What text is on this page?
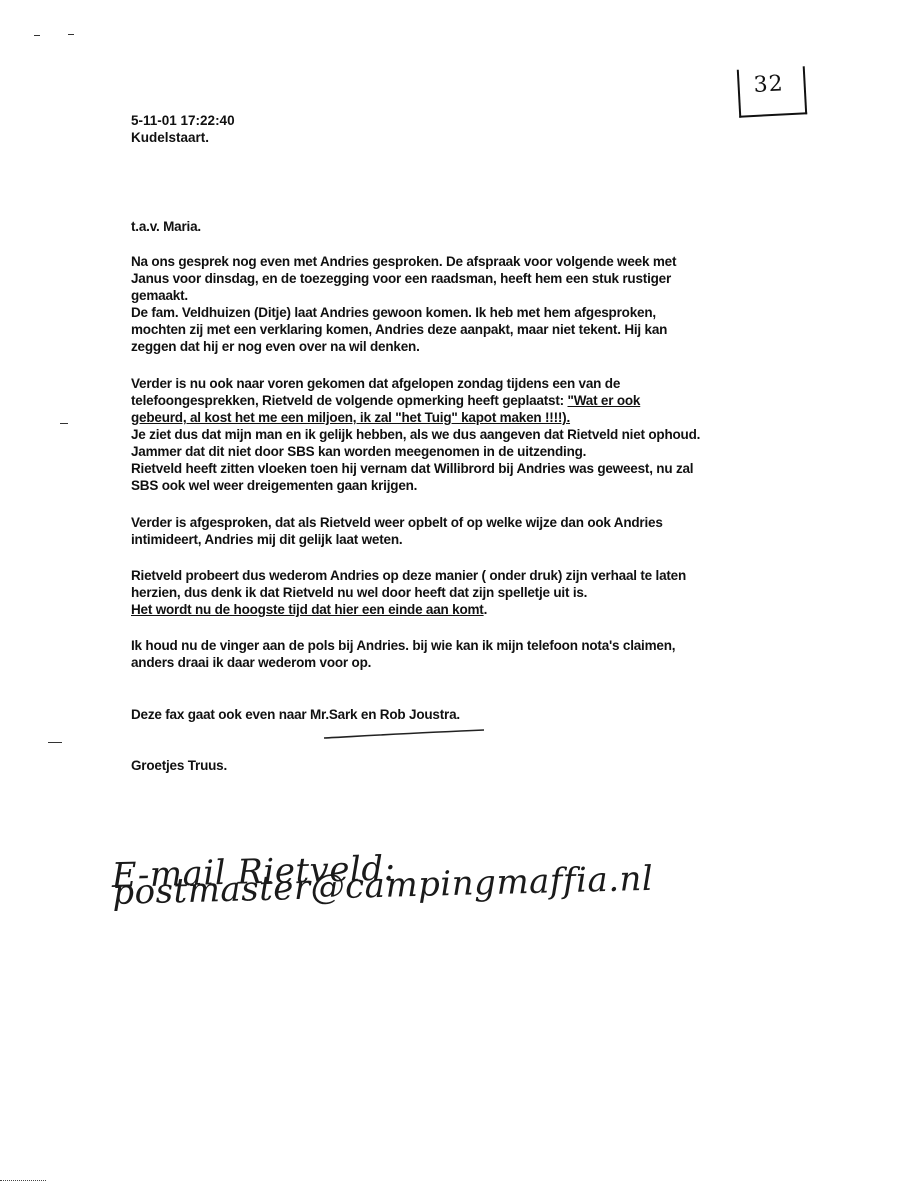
32
5-11-01 17:22:40
Kudelstaart.
t.a.v. Maria.
Na ons gesprek nog even met Andries gesproken. De afspraak voor volgende week met
Janus voor dinsdag, en de toezegging voor een raadsman, heeft hem een stuk rustiger
gemaakt.
De fam. Veldhuizen (Ditje) laat Andries gewoon komen. Ik heb met hem afgesproken,
mochten zij met een verklaring komen, Andries deze aanpakt, maar niet tekent. Hij kan
zeggen dat hij er nog even over na wil denken.
Verder is nu ook naar voren gekomen dat afgelopen zondag tijdens een van de
telefoongesprekken, Rietveld de volgende opmerking heeft geplaatst: "Wat er ook
gebeurd, al kost het me een miljoen, ik zal "het Tuig" kapot maken !!!!).
Je ziet dus dat mijn man en ik gelijk hebben, als we dus aangeven dat Rietveld niet ophoud.
Jammer dat dit niet door SBS kan worden meegenomen in de uitzending.
Rietveld heeft zitten vloeken toen hij vernam dat Willibrord bij Andries was geweest, nu zal
SBS ook wel weer dreigementen gaan krijgen.
Verder is afgesproken, dat als Rietveld weer opbelt of op welke wijze dan ook Andries
intimideert, Andries mij dit gelijk laat weten.
Rietveld probeert dus wederom Andries op deze manier ( onder druk) zijn verhaal te laten
herzien, dus denk ik dat Rietveld nu wel door heeft dat zijn spelletje uit is.
Het wordt nu de hoogste tijd dat hier een einde aan komt.
Ik houd nu de vinger aan de pols bij Andries. bij wie kan ik mijn telefoon nota's claimen,
anders draai ik daar wederom voor op.
Deze fax gaat ook even naar Mr.Sark en Rob Joustra.
Groetjes Truus.
E-mail Rietveld: postmaster@campingmaffia.nl
